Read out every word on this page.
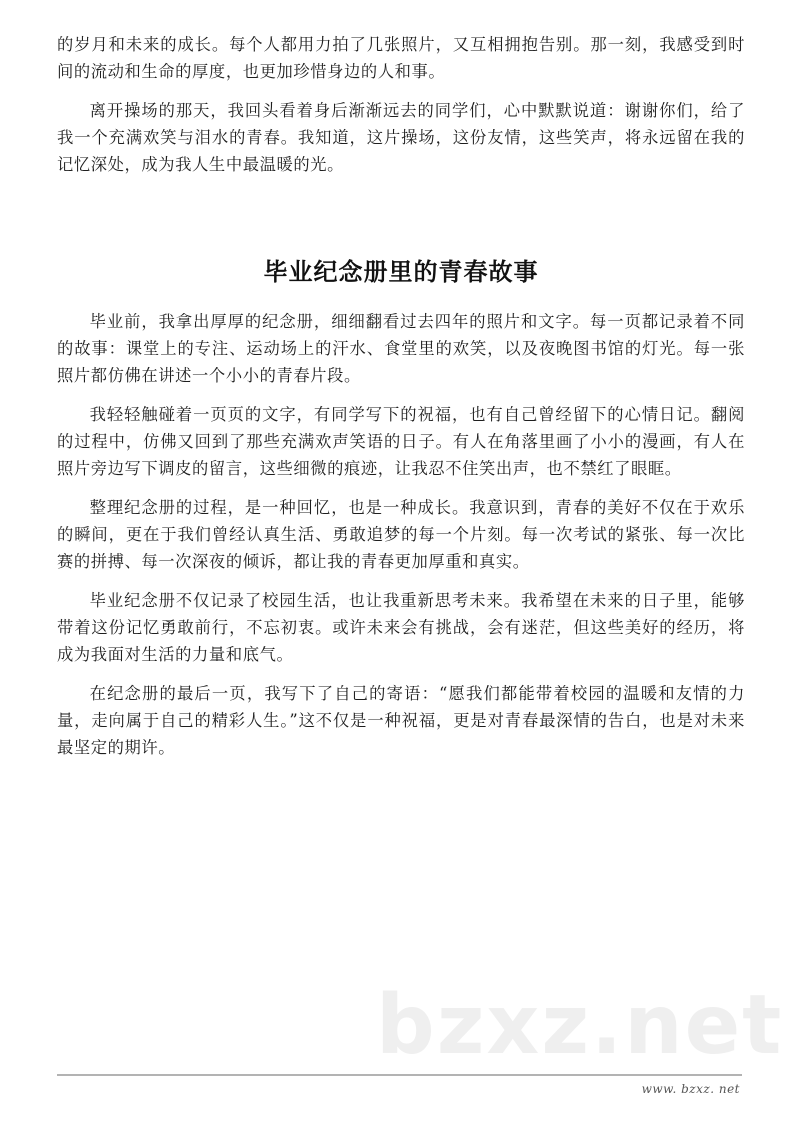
的岁月和未来的成长。每个人都用力拍了几张照片，又互相拥抱告别。那一刻，我感受到时间的流动和生命的厚度，也更加珍惜身边的人和事。

离开操场的那天，我回头看着身后渐渐远去的同学们，心中默默说道：谢谢你们，给了我一个充满欢笑与泪水的青春。我知道，这片操场，这份友情，这些笑声，将永远留在我的记忆深处，成为我人生中最温暖的光。

毕业纪念册里的青春故事

毕业前，我拿出厚厚的纪念册，细细翻看过去四年的照片和文字。每一页都记录着不同的故事：课堂上的专注、运动场上的汗水、食堂里的欢笑，以及夜晚图书馆的灯光。每一张照片都仿佛在讲述一个小小的青春片段。

我轻轻触碰着一页页的文字，有同学写下的祝福，也有自己曾经留下的心情日记。翻阅的过程中，仿佛又回到了那些充满欢声笑语的日子。有人在角落里画了小小的漫画，有人在照片旁边写下调皮的留言，这些细微的痕迹，让我忍不住笑出声，也不禁红了眼眶。

整理纪念册的过程，是一种回忆，也是一种成长。我意识到，青春的美好不仅在于欢乐的瞬间，更在于我们曾经认真生活、勇敢追梦的每一个片刻。每一次考试的紧张、每一次比赛的拼搏、每一次深夜的倾诉，都让我的青春更加厚重和真实。

毕业纪念册不仅记录了校园生活，也让我重新思考未来。我希望在未来的日子里，能够带着这份记忆勇敢前行，不忘初衷。或许未来会有挑战，会有迷茫，但这些美好的经历，将成为我面对生活的力量和底气。

在纪念册的最后一页，我写下了自己的寄语：“愿我们都能带着校园的温暖和友情的力量，走向属于自己的精彩人生。”这不仅是一种祝福，更是对青春最深情的告白，也是对未来最坚定的期许。

bzxz.net
www. bzxz. net
